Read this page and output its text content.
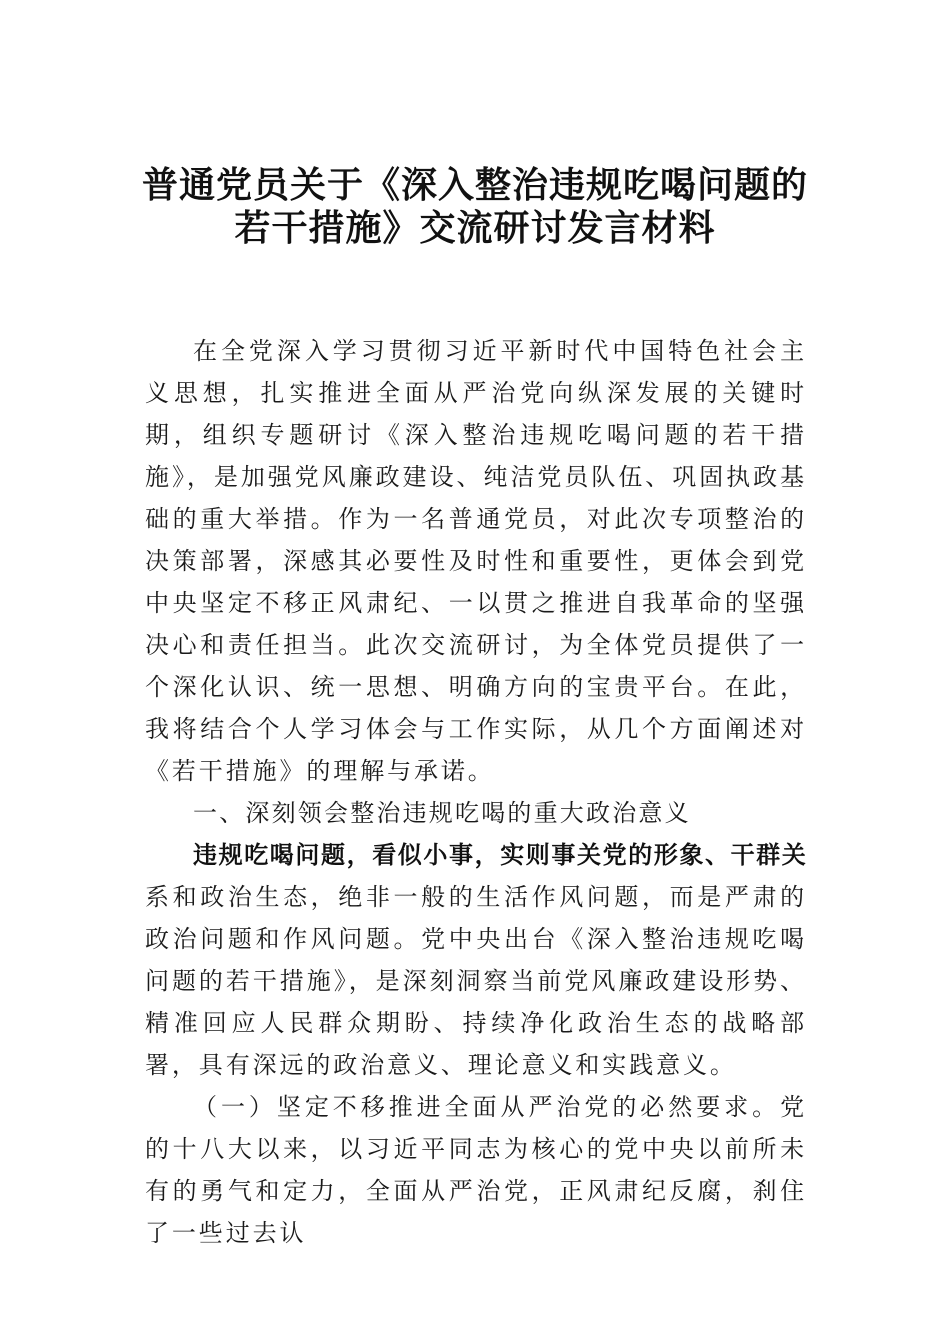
普通党员关于《深入整治违规吃喝问题的
若干措施》交流研讨发言材料

在全党深入学习贯彻习近平新时代中国特色社会主义思想，扎实推进全面从严治党向纵深发展的关键时期，组织专题研讨《深入整治违规吃喝问题的若干措施》，是加强党风廉政建设、纯洁党员队伍、巩固执政基础的重大举措。作为一名普通党员，对此次专项整治的决策部署，深感其必要性及时性和重要性，更体会到党中央坚定不移正风肃纪、一以贯之推进自我革命的坚强决心和责任担当。此次交流研讨，为全体党员提供了一个深化认识、统一思想、明确方向的宝贵平台。在此，我将结合个人学习体会与工作实际，从几个方面阐述对《若干措施》的理解与承诺。

一、深刻领会整治违规吃喝的重大政治意义

违规吃喝问题，看似小事，实则事关党的形象、干群关系和政治生态，绝非一般的生活作风问题，而是严肃的政治问题和作风问题。党中央出台《深入整治违规吃喝问题的若干措施》，是深刻洞察当前党风廉政建设形势、精准回应人民群众期盼、持续净化政治生态的战略部署，具有深远的政治意义、理论意义和实践意义。

（一）坚定不移推进全面从严治党的必然要求。党的十八大以来，以习近平同志为核心的党中央以前所未有的勇气和定力，全面从严治党，正风肃纪反腐，刹住了一些过去认
